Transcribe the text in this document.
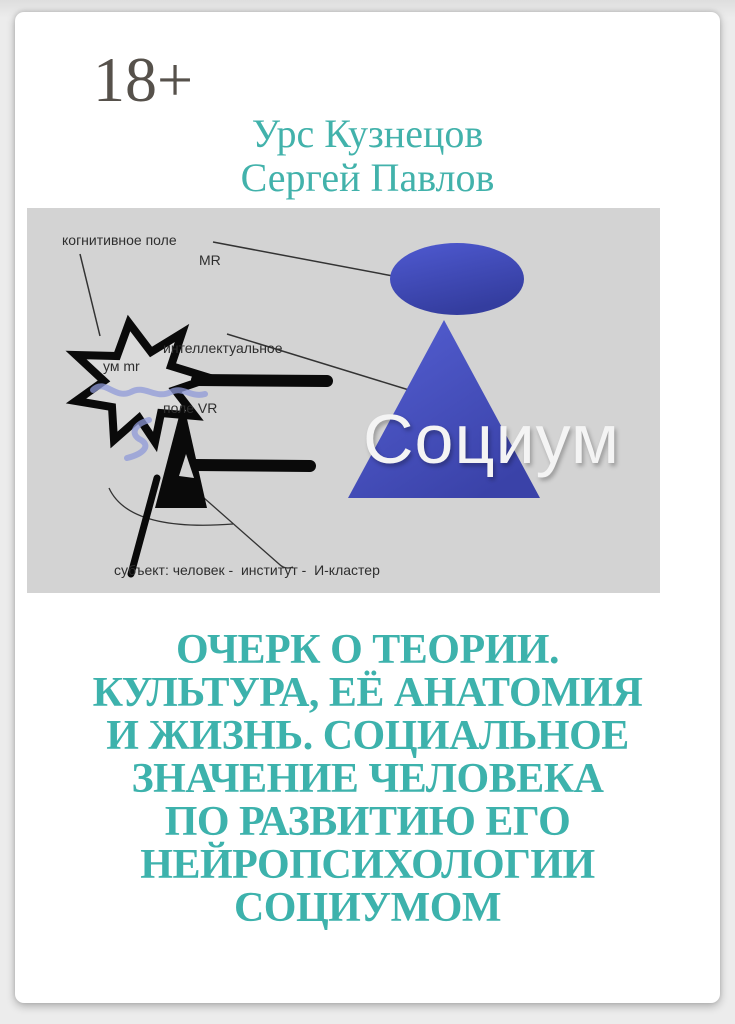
18+
Урс Кузнецов
Сергей Павлов
когнитивное поле
MR

интеллектуальное

поле VR

ум mr
Социум
субъект: человек -  институт -  И-кластер
ОЧЕРК О ТЕОРИИ.
КУЛЬТУРА, ЕЁ АНАТОМИЯ
И ЖИЗНЬ. СОЦИАЛЬНОЕ
ЗНАЧЕНИЕ ЧЕЛОВЕКА
ПО РАЗВИТИЮ ЕГО
НЕЙРОПСИХОЛОГИИ
СОЦИУМОМ
